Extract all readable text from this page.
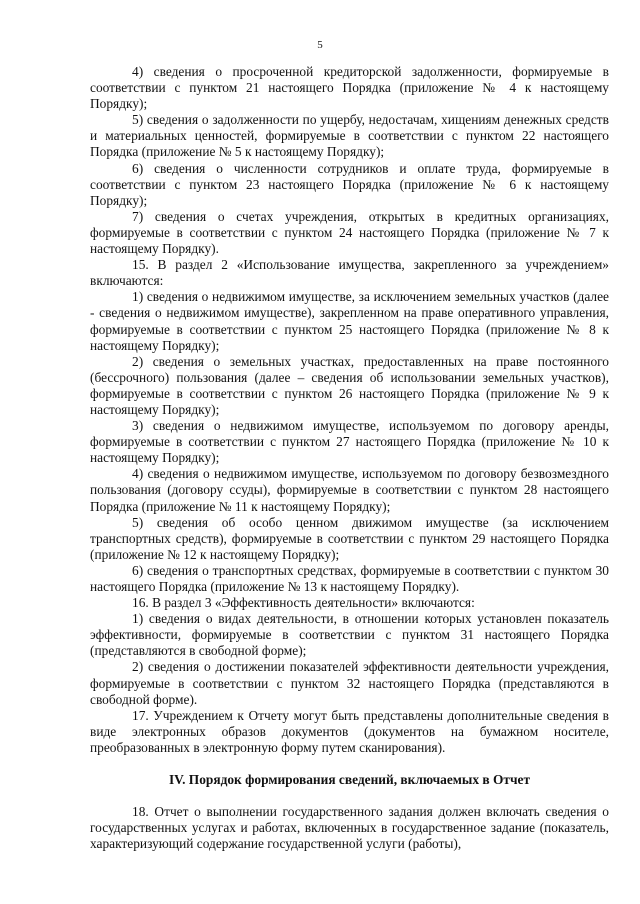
5

4) сведения о просроченной кредиторской задолженности, формируемые в соответствии с пунктом 21 настоящего Порядка (приложение № 4 к настоящему Порядку);

5) сведения о задолженности по ущербу, недостачам, хищениям денежных средств и материальных ценностей, формируемые в соответствии с пунктом 22 настоящего Порядка (приложение № 5 к настоящему Порядку);

6) сведения о численности сотрудников и оплате труда, формируемые в соответствии с пунктом 23 настоящего Порядка (приложение № 6 к настоящему Порядку);

7) сведения о счетах учреждения, открытых в кредитных организациях, формируемые в соответствии с пунктом 24 настоящего Порядка (приложение № 7 к настоящему Порядку).

15. В раздел 2 «Использование имущества, закрепленного за учреждением» включаются:

1) сведения о недвижимом имуществе, за исключением земельных участков (далее - сведения о недвижимом имуществе), закрепленном на праве оперативного управления, формируемые в соответствии с пунктом 25 настоящего Порядка (приложение № 8 к настоящему Порядку);

2) сведения о земельных участках, предоставленных на праве постоянного (бессрочного) пользования (далее – сведения об использовании земельных участков), формируемые в соответствии с пунктом 26 настоящего Порядка (приложение № 9 к настоящему Порядку);

3) сведения о недвижимом имуществе, используемом по договору аренды, формируемые в соответствии с пунктом 27 настоящего Порядка (приложение № 10 к настоящему Порядку);

4) сведения о недвижимом имуществе, используемом по договору безвозмездного пользования (договору ссуды), формируемые в соответствии с пунктом 28 настоящего Порядка (приложение № 11 к настоящему Порядку);

5) сведения об особо ценном движимом имуществе (за исключением транспортных средств), формируемые в соответствии с пунктом 29 настоящего Порядка (приложение № 12 к настоящему Порядку);

6) сведения о транспортных средствах, формируемые в соответствии с пунктом 30 настоящего Порядка (приложение № 13 к настоящему Порядку).

16. В раздел 3 «Эффективность деятельности» включаются:

1) сведения о видах деятельности, в отношении которых установлен показатель эффективности, формируемые в соответствии с пунктом 31 настоящего Порядка (представляются в свободной форме);

2) сведения о достижении показателей эффективности деятельности учреждения, формируемые в соответствии с пунктом 32 настоящего Порядка (представляются в свободной форме).

17. Учреждением к Отчету могут быть представлены дополнительные сведения в виде электронных образов документов (документов на бумажном носителе, преобразованных в электронную форму путем сканирования).

IV. Порядок формирования сведений, включаемых в Отчет

18. Отчет о выполнении государственного задания должен включать сведения о государственных услугах и работах, включенных в государственное задание (показатель, характеризующий содержание государственной услуги (работы),
